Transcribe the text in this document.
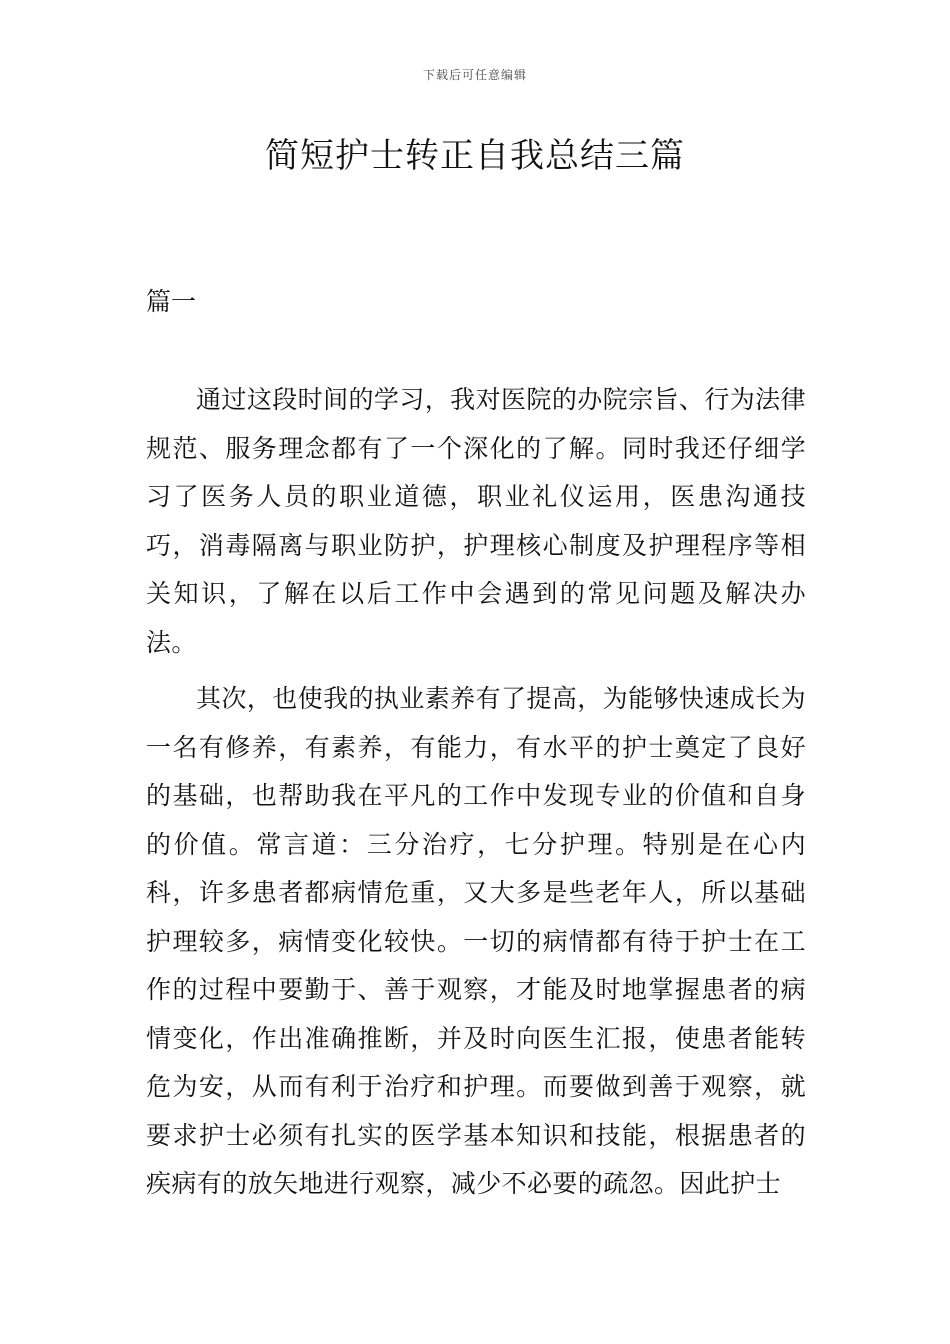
下载后可任意编辑
简短护士转正自我总结三篇
篇一

通过这段时间的学习，我对医院的办院宗旨、行为法律规范、服务理念都有了一个深化的了解。同时我还仔细学习了医务人员的职业道德，职业礼仪运用，医患沟通技巧，消毒隔离与职业防护，护理核心制度及护理程序等相关知识，了解在以后工作中会遇到的常见问题及解决办法。

其次，也使我的执业素养有了提高，为能够快速成长为一名有修养，有素养，有能力，有水平的护士奠定了良好的基础，也帮助我在平凡的工作中发现专业的价值和自身的价值。常言道：三分治疗，七分护理。特别是在心内科，许多患者都病情危重，又大多是些老年人，所以基础护理较多，病情变化较快。一切的病情都有待于护士在工作的过程中要勤于、善于观察，才能及时地掌握患者的病情变化，作出准确推断，并及时向医生汇报，使患者能转危为安，从而有利于治疗和护理。而要做到善于观察，就要求护士必须有扎实的医学基本知识和技能，根据患者的疾病有的放矢地进行观察，减少不必要的疏忽。因此护士
